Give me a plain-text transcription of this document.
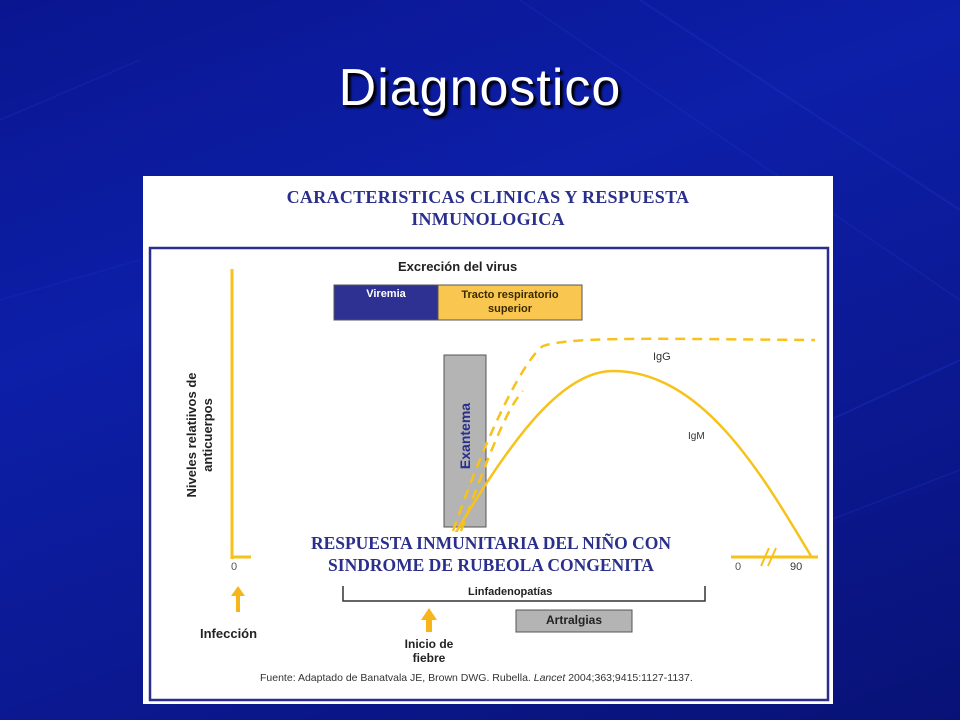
Diagnostico
CARACTERISTICAS CLINICAS Y RESPUESTA
INMUNOLOGICA
Excreción del virus
Viremia	Tracto respiratorio
superior
Niveles relatiivos de anticuerpos	Exantema
IgG
IgM
0	0	90
Linfadenopatías
Artralgias
Infección
Inicio de
fiebre
Fuente: Adaptado de Banatvala JE, Brown DWG. Rubella. Lancet 2004;363;9415:1127-1137.
RESPUESTA INMUNITARIA DEL NIÑO CON
SINDROME DE RUBEOLA CONGENITA
